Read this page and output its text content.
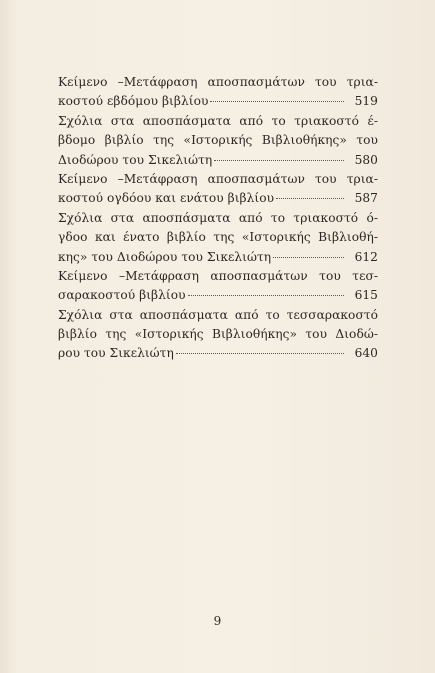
Κείμενο –Μετάφραση αποσπασμάτων του τρια-
κοστού εβδόμου βιβλίου	519
Σχόλια στα αποσπάσματα από το τριακοστό έ-
βδομο βιβλίο της «Ιστορικής Βιβλιοθήκης» του
Διοδώρου του Σικελιώτη	580
Κείμενο –Μετάφραση αποσπασμάτων του τρια-
κοστού ογδόου και ενάτου βιβλίου	587
Σχόλια στα αποσπάσματα από το τριακοστό ό-
γδοο και ένατο βιβλίο της «Ιστορικής Βιβλιοθή-
κης» του Διοδώρου του Σικελιώτη	612
Κείμενο –Μετάφραση αποσπασμάτων του τεσ-
σαρακοστού βιβλίου	615
Σχόλια στα αποσπάσματα από το τεσσαρακοστό
βιβλίο της «Ιστορικής Βιβλιοθήκης» του Διοδώ-
ρου του Σικελιώτη	640
9
